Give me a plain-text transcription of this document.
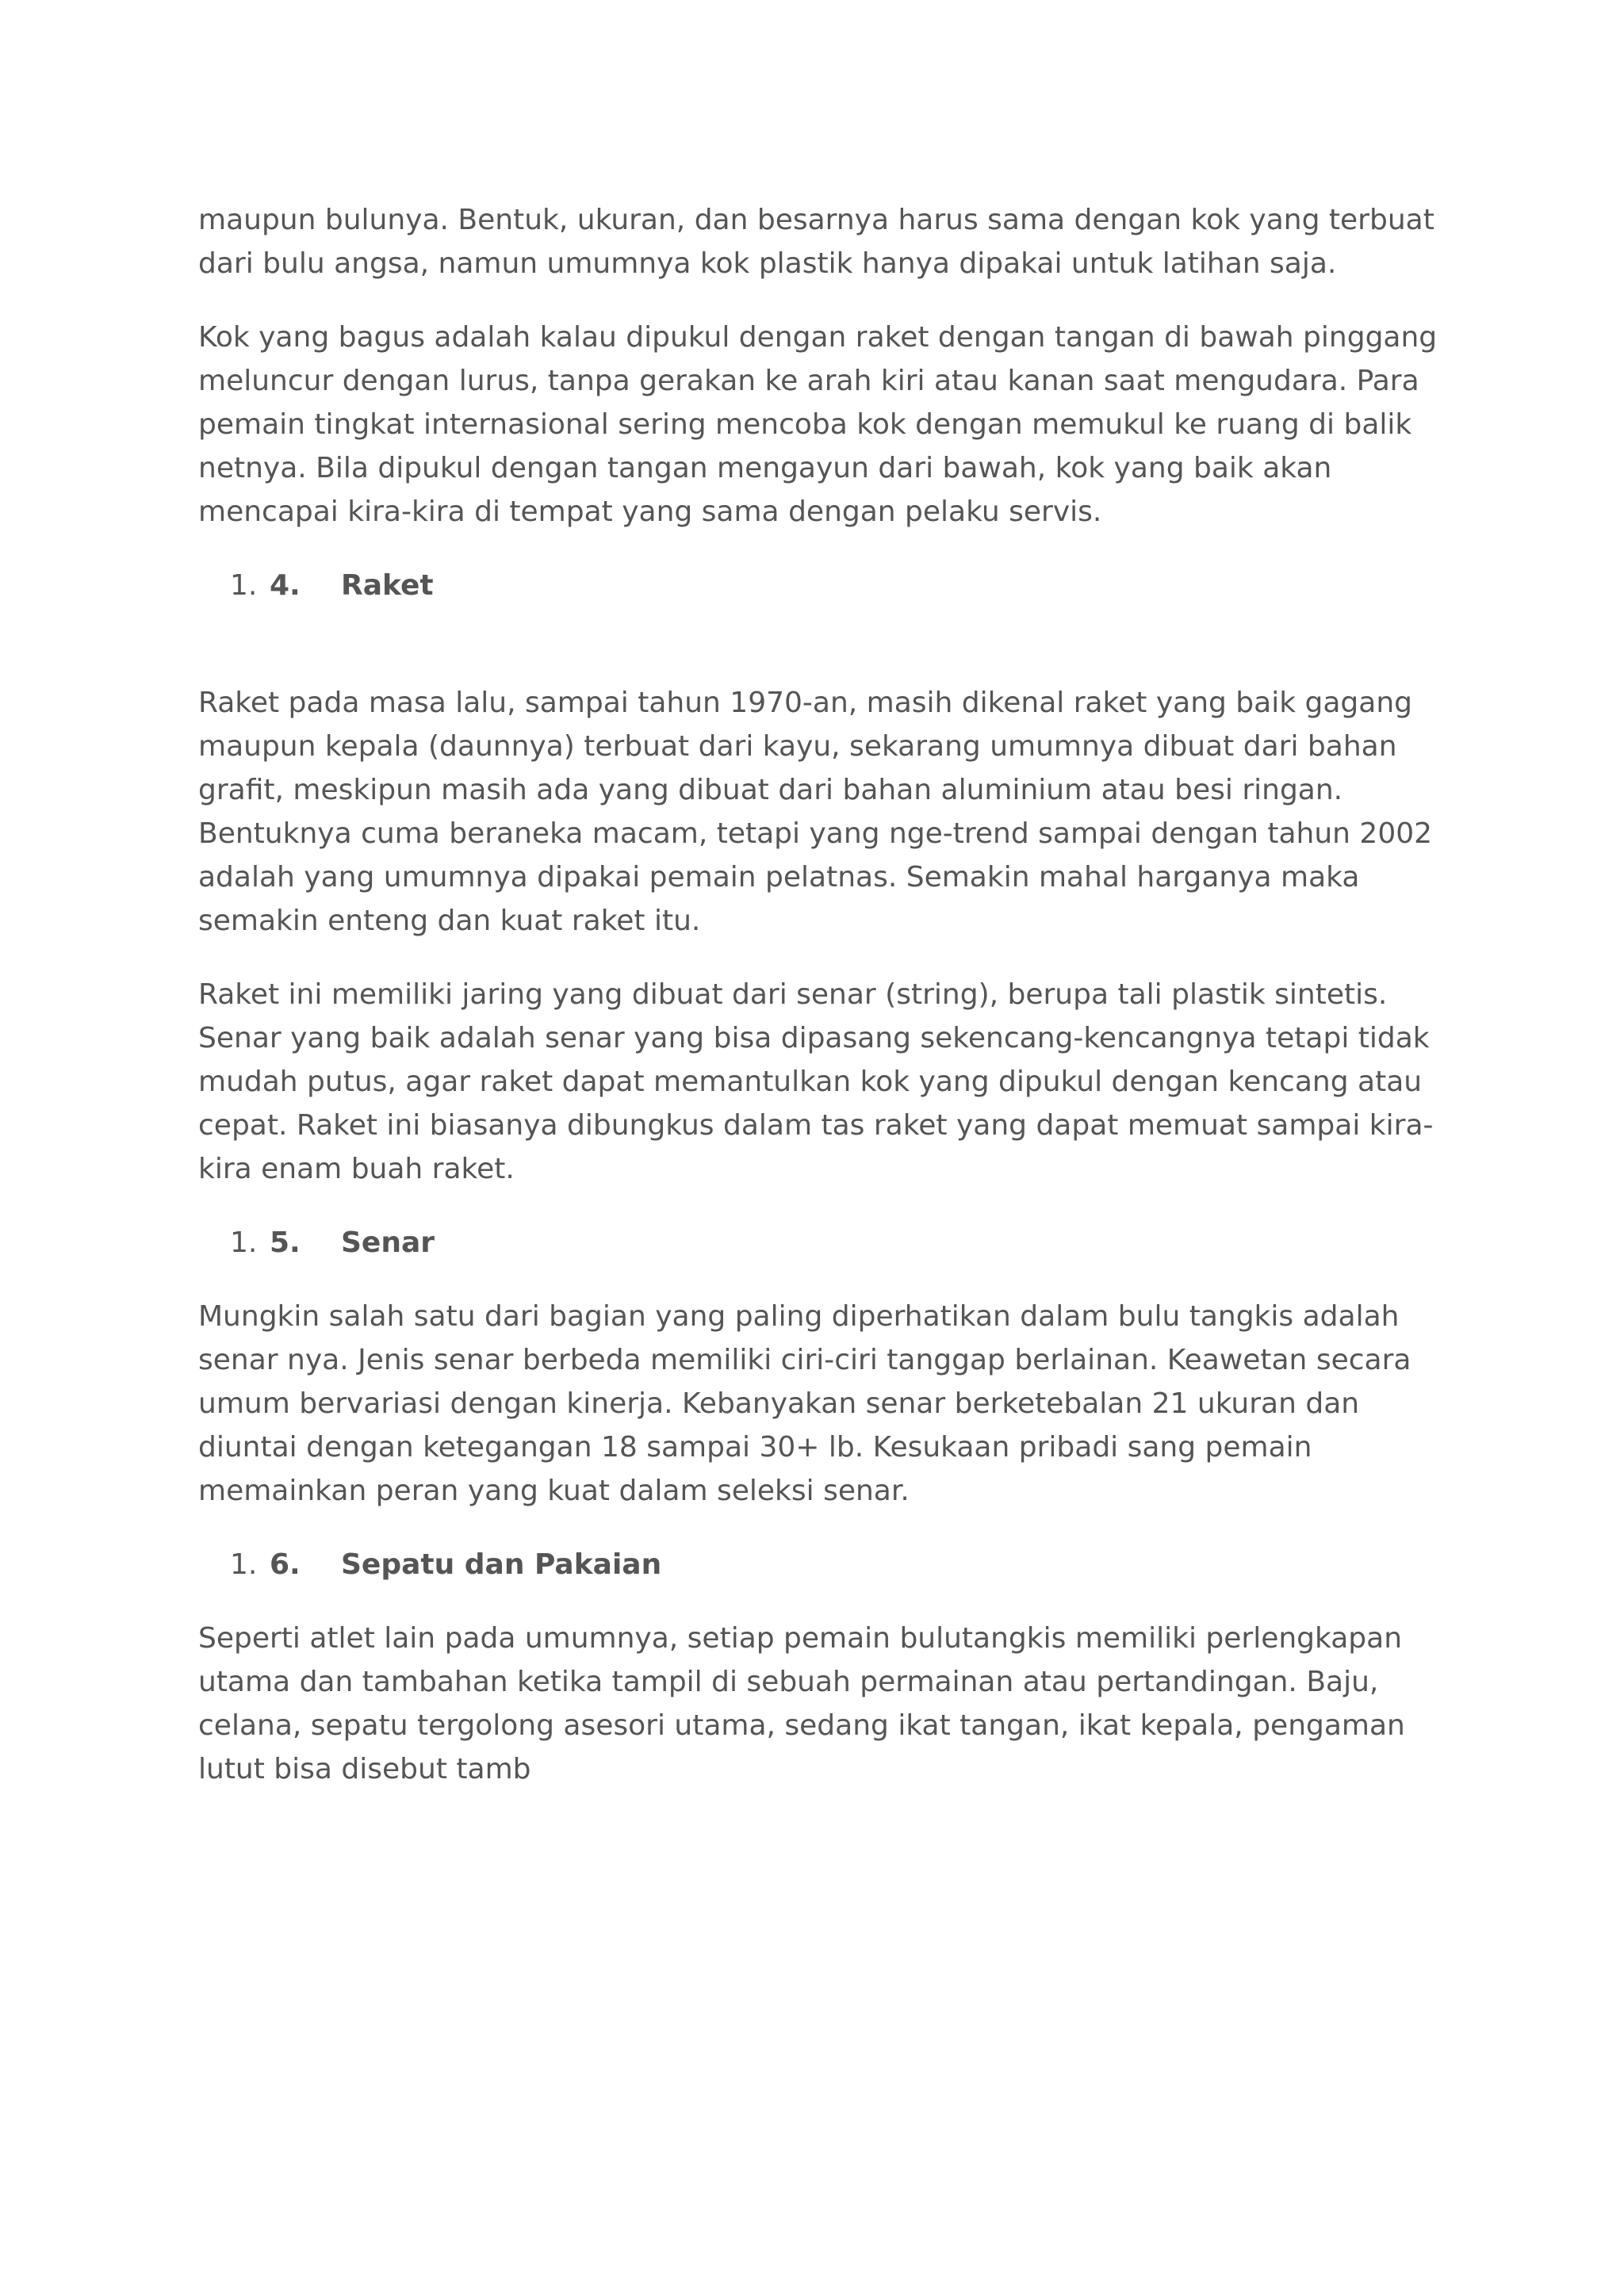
maupun bulunya. Bentuk, ukuran, dan besarnya harus sama dengan kok yang terbuat dari bulu angsa, namun umumnya kok plastik hanya dipakai untuk latihan saja.

Kok yang bagus adalah kalau dipukul dengan raket dengan tangan di bawah pinggang meluncur dengan lurus, tanpa gerakan ke arah kiri atau kanan saat mengudara. Para pemain tingkat internasional sering mencoba kok dengan memukul ke ruang di balik netnya. Bila dipukul dengan tangan mengayun dari bawah, kok yang baik akan mencapai kira-kira di tempat yang sama dengan pelaku servis.

1. 4.	Raket

Raket pada masa lalu, sampai tahun 1970-an, masih dikenal raket yang baik gagang maupun kepala (daunnya) terbuat dari kayu, sekarang umumnya dibuat dari bahan grafit, meskipun masih ada yang dibuat dari bahan aluminium atau besi ringan. Bentuknya cuma beraneka macam, tetapi yang nge-trend sampai dengan tahun 2002 adalah yang umumnya dipakai pemain pelatnas. Semakin mahal harganya maka semakin enteng dan kuat raket itu.

Raket ini memiliki jaring yang dibuat dari senar (string), berupa tali plastik sintetis. Senar yang baik adalah senar yang bisa dipasang sekencang-kencangnya tetapi tidak mudah putus, agar raket dapat memantulkan kok yang dipukul dengan kencang atau cepat. Raket ini biasanya dibungkus dalam tas raket yang dapat memuat sampai kira-kira enam buah raket.

1. 5.	Senar

Mungkin salah satu dari bagian yang paling diperhatikan dalam bulu tangkis adalah senar nya. Jenis senar berbeda memiliki ciri-ciri tanggap berlainan. Keawetan secara umum bervariasi dengan kinerja. Kebanyakan senar berketebalan 21 ukuran dan diuntai dengan ketegangan 18 sampai 30+ lb. Kesukaan pribadi sang pemain memainkan peran yang kuat dalam seleksi senar.

1. 6.	Sepatu dan Pakaian

Seperti atlet lain pada umumnya, setiap pemain bulutangkis memiliki perlengkapan utama dan tambahan ketika tampil di sebuah permainan atau pertandingan. Baju, celana, sepatu tergolong asesori utama, sedang ikat tangan, ikat kepala, pengaman lutut bisa disebut tamb
